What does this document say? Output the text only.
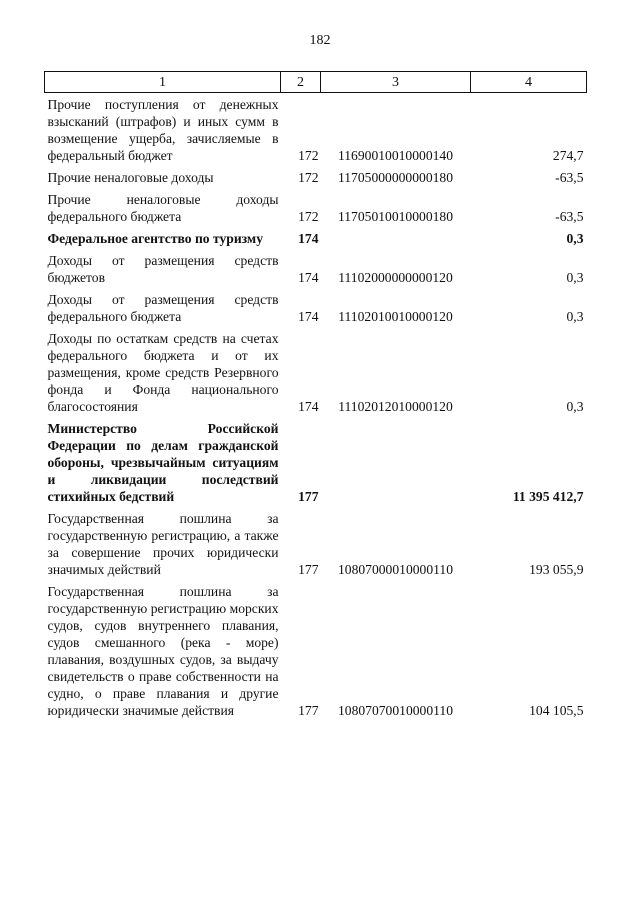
182
1	2	3	4
Прочие поступления от денежных взысканий (штрафов) и иных сумм в возмещение ущерба, зачисляемые в федеральный бюджет	172	11690010010000140	274,7
Прочие неналоговые доходы	172	11705000000000180	-63,5
Прочие неналоговые доходы федерального бюджета	172	11705010010000180	-63,5
Федеральное агентство по туризму	174		0,3
Доходы от размещения средств бюджетов	174	11102000000000120	0,3
Доходы от размещения средств федерального бюджета	174	11102010010000120	0,3
Доходы по остаткам средств на счетах федерального бюджета и от их размещения, кроме средств Резервного фонда и Фонда национального благосостояния	174	11102012010000120	0,3
Министерство Российской Федерации по делам гражданской обороны, чрезвычайным ситуациям и ликвидации последствий стихийных бедствий	177		11 395 412,7
Государственная пошлина за государственную регистрацию, а также за совершение прочих юридически значимых действий	177	10807000010000110	193 055,9
Государственная пошлина за государственную регистрацию морских судов, судов внутреннего плавания, судов смешанного (река - море) плавания, воздушных судов, за выдачу свидетельств о праве собственности на судно, о праве плавания и другие юридически значимые действия	177	10807070010000110	104 105,5
